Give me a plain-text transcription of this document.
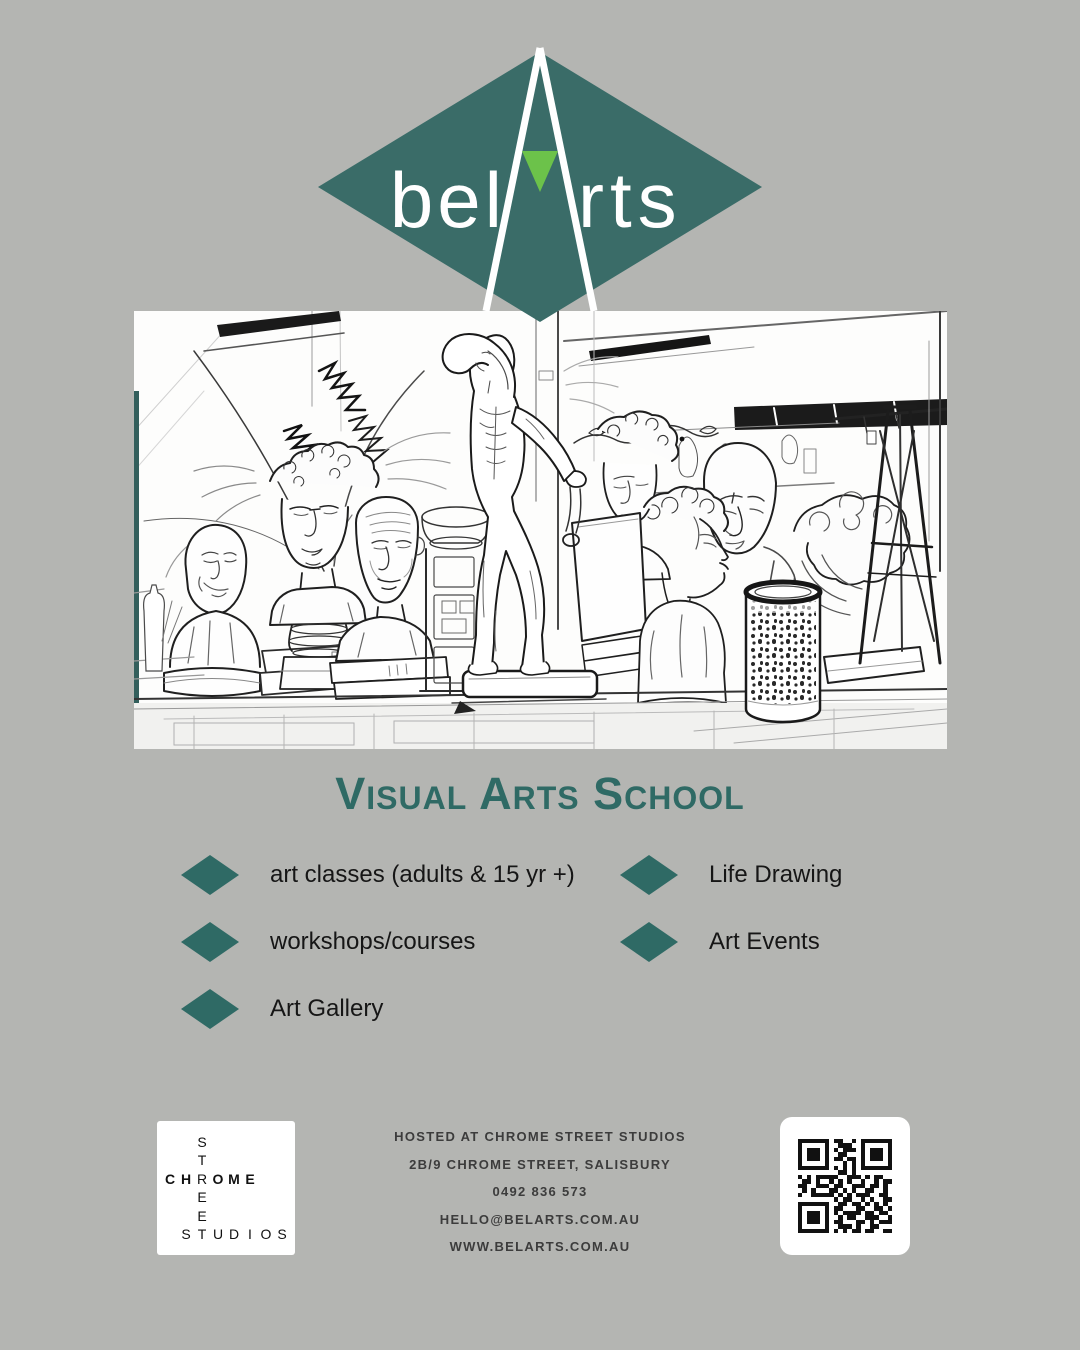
bel rts
Visual Arts School
art classes (adults & 15 yr +)
workshops/courses
Art Gallery
Life Drawing
Art Events
S
T
C H R O M E
E
E
S T U D I O S
HOSTED AT CHROME STREET STUDIOS
2B/9 CHROME STREET, SALISBURY
0492 836 573
HELLO@BELARTS.COM.AU
WWW.BELARTS.COM.AU
